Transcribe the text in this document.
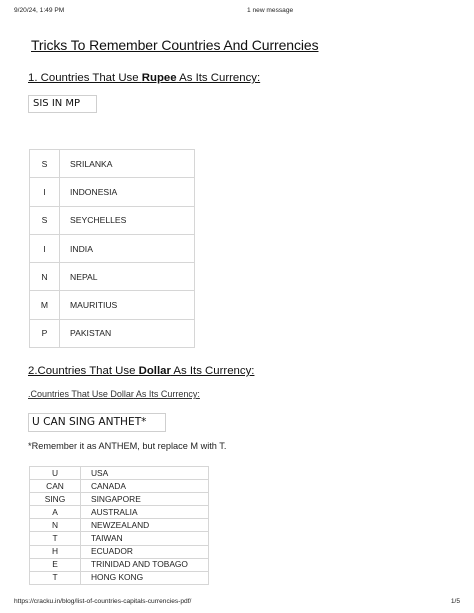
9/20/24, 1:49 PM	1 new message
Tricks To Remember Countries And Currencies
1. Countries That Use Rupee As Its Currency:
SIS IN MP
S	SRILANKA
I	INDONESIA
S	SEYCHELLES
I	INDIA
N	NEPAL
M	MAURITIUS
P	PAKISTAN
2.Countries That Use Dollar As Its Currency:
.Countries That Use Dollar As Its Currency:
U CAN SING ANTHET*
*Remember it as ANTHEM, but replace M with T.
U	USA
CAN	CANADA
SING	SINGAPORE
A	AUSTRALIA
N	NEWZEALAND
T	TAIWAN
H	ECUADOR
E	TRINIDAD AND TOBAGO
T	HONG KONG
https://cracku.in/blog/list-of-countries-capitals-currencies-pdf/	1/5
